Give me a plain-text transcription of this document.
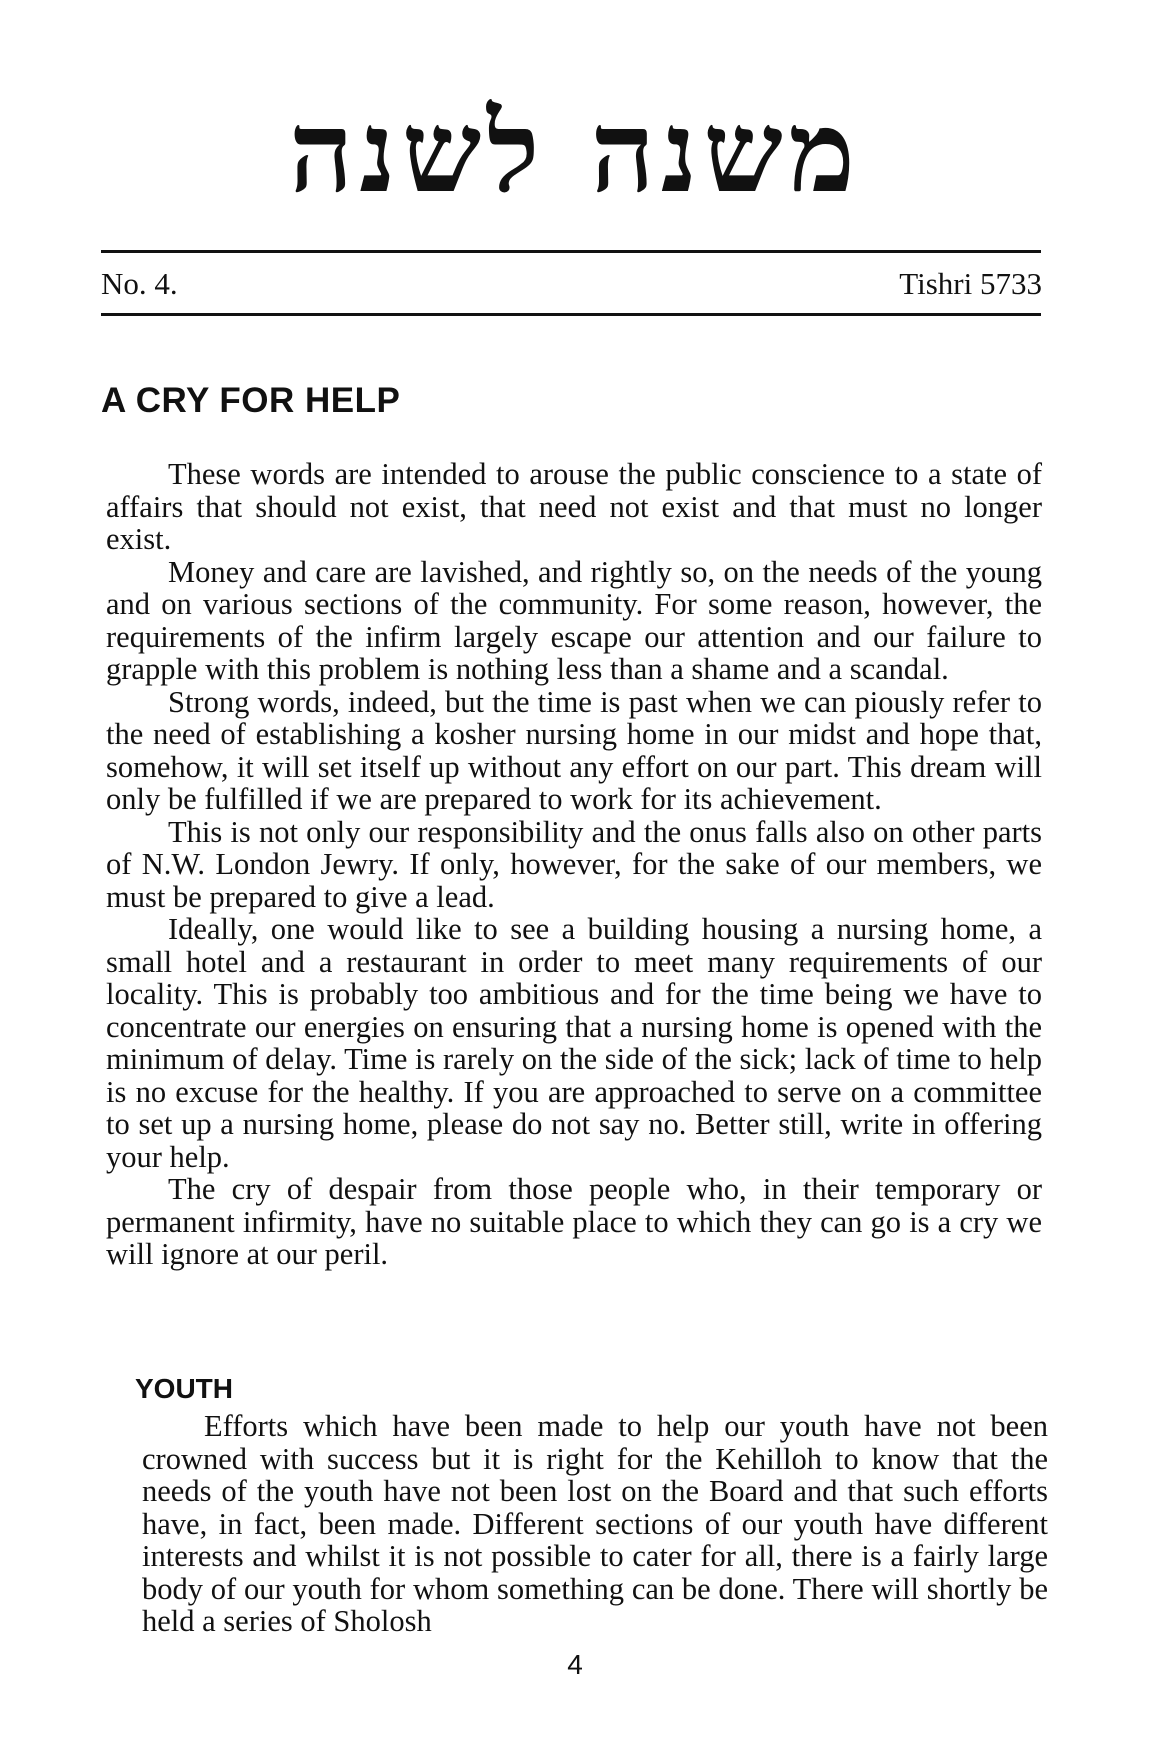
משנה לשנה
No. 4.	Tishri 5733
A CRY FOR HELP

These words are intended to arouse the public conscience to a state of affairs that should not exist, that need not exist and that must no longer exist.

Money and care are lavished, and rightly so, on the needs of the young and on various sections of the community. For some reason, however, the requirements of the infirm largely escape our attention and our failure to grapple with this problem is nothing less than a shame and a scandal.

Strong words, indeed, but the time is past when we can piously refer to the need of establishing a kosher nursing home in our midst and hope that, somehow, it will set itself up without any effort on our part. This dream will only be fulfilled if we are prepared to work for its achievement.

This is not only our responsibility and the onus falls also on other parts of N.W. London Jewry. If only, however, for the sake of our members, we must be prepared to give a lead.

Ideally, one would like to see a building housing a nursing home, a small hotel and a restaurant in order to meet many requirements of our locality. This is probably too ambitious and for the time being we have to concentrate our energies on ensuring that a nursing home is opened with the minimum of delay. Time is rarely on the side of the sick; lack of time to help is no excuse for the healthy. If you are approached to serve on a committee to set up a nursing home, please do not say no. Better still, write in offering your help.

The cry of despair from those people who, in their temporary or permanent infirmity, have no suitable place to which they can go is a cry we will ignore at our peril.

YOUTH
Efforts which have been made to help our youth have not been crowned with success but it is right for the Kehilloh to know that the needs of the youth have not been lost on the Board and that such efforts have, in fact, been made. Different sections of our youth have different interests and whilst it is not possible to cater for all, there is a fairly large body of our youth for whom something can be done. There will shortly be held a series of Sholosh
4
